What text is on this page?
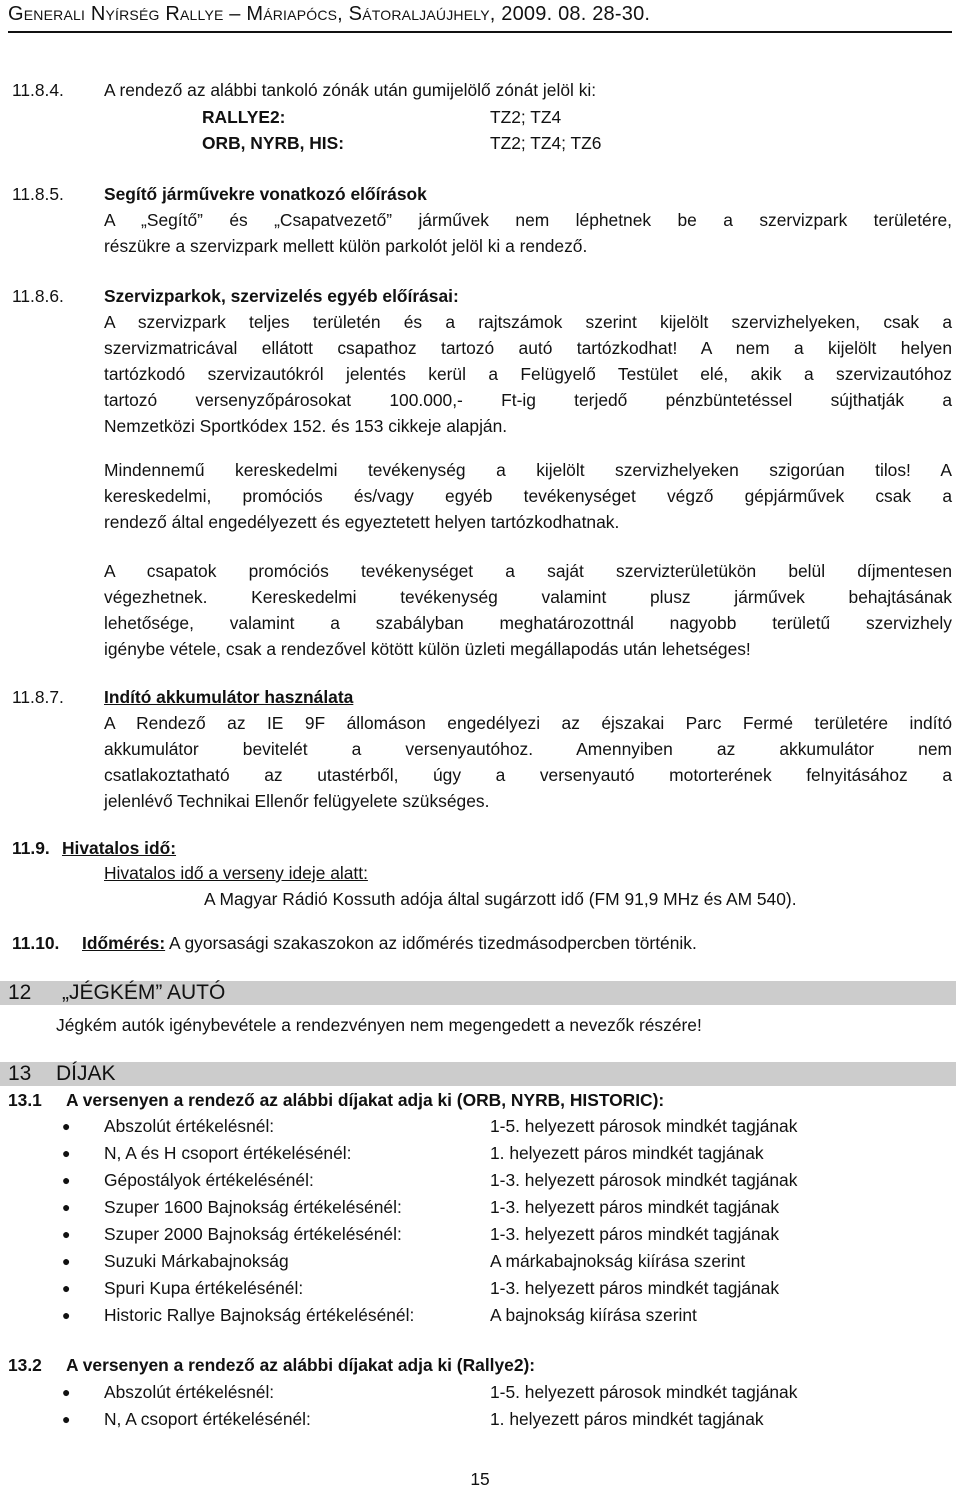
Generali Nyírség Rallye – Máriapócs, Sátoraljaújhely, 2009. 08. 28-30.
11.8.4. A rendező az alábbi tankoló zónák után gumijelölő zónát jelöl ki:
RALLYE2:	TZ2; TZ4
ORB, NYRB, HIS:	TZ2; TZ4; TZ6
11.8.5. Segítő járművekre vonatkozó előírások
A „Segítő” és „Csapatvezető” járművek nem léphetnek be a szervizpark területére,
részükre a szervizpark mellett külön parkolót jelöl ki a rendező.
11.8.6. Szervizparkok, szervizelés egyéb előírásai:
A szervizpark teljes területén és a rajtszámok szerint kijelölt szervizhelyeken, csak a
szervizmatricával ellátott csapathoz tartozó autó tartózkodhat! A nem a kijelölt helyen
tartózkodó szervizautókról jelentés kerül a Felügyelő Testület elé, akik a szervizautóhoz
tartozó versenyzőpárosokat 100.000,- Ft-ig terjedő pénzbüntetéssel sújthatják a
Nemzetközi Sportkódex 152. és 153 cikkeje alapján.
Mindennemű kereskedelmi tevékenység a kijelölt szervizhelyeken szigorúan tilos! A
kereskedelmi, promóciós és/vagy egyéb tevékenységet végző gépjárművek csak a
rendező által engedélyezett és egyeztetett helyen tartózkodhatnak.
A csapatok promóciós tevékenységet a saját szervizterületükön belül díjmentesen
végezhetnek. Kereskedelmi tevékenység valamint plusz járművek behajtásának
lehetősége, valamint a szabályban meghatározottnál nagyobb területű szervizhely
igénybe vétele, csak a rendezővel kötött külön üzleti megállapodás után lehetséges!
11.8.7. Indító akkumulátor használata
A Rendező az IE 9F állomáson engedélyezi az éjszakai Parc Fermé területére indító
akkumulátor bevitelét a versenyautóhoz. Amennyiben az akkumulátor nem
csatlakoztatható az utastérből, úgy a versenyautó motorterének felnyitásához a
jelenlévő Technikai Ellenőr felügyelete szükséges.
11.9. Hivatalos idő:
Hivatalos idő a verseny ideje alatt:
A Magyar Rádió Kossuth adója által sugárzott idő (FM 91,9 MHz és AM 540).
11.10. Időmérés: A gyorsasági szakaszokon az időmérés tizedmásodpercben történik.
12 „JÉGKÉM” AUTÓ
Jégkém autók igénybevétele a rendezvényen nem megengedett a nevezők részére!
13 DÍJAK
13.1 A versenyen a rendező az alábbi díjakat adja ki (ORB, NYRB, HISTORIC):
● Abszolút értékelésnél:	1-5. helyezett párosok mindkét tagjának
● N, A és H csoport értékelésénél:	1. helyezett páros mindkét tagjának
● Gépostályok értékelésénél:	1-3. helyezett párosok mindkét tagjának
● Szuper 1600 Bajnokság értékelésénél:	1-3. helyezett páros mindkét tagjának
● Szuper 2000 Bajnokság értékelésénél:	1-3. helyezett páros mindkét tagjának
● Suzuki Márkabajnokság	A márkabajnokság kiírása szerint
● Spuri Kupa értékelésénél:	1-3. helyezett páros mindkét tagjának
● Historic Rallye Bajnokság értékelésénél:	A bajnokság kiírása szerint
13.2 A versenyen a rendező az alábbi díjakat adja ki (Rallye2):
● Abszolút értékelésnél:	1-5. helyezett párosok mindkét tagjának
● N, A csoport értékelésénél:	1. helyezett páros mindkét tagjának
15
